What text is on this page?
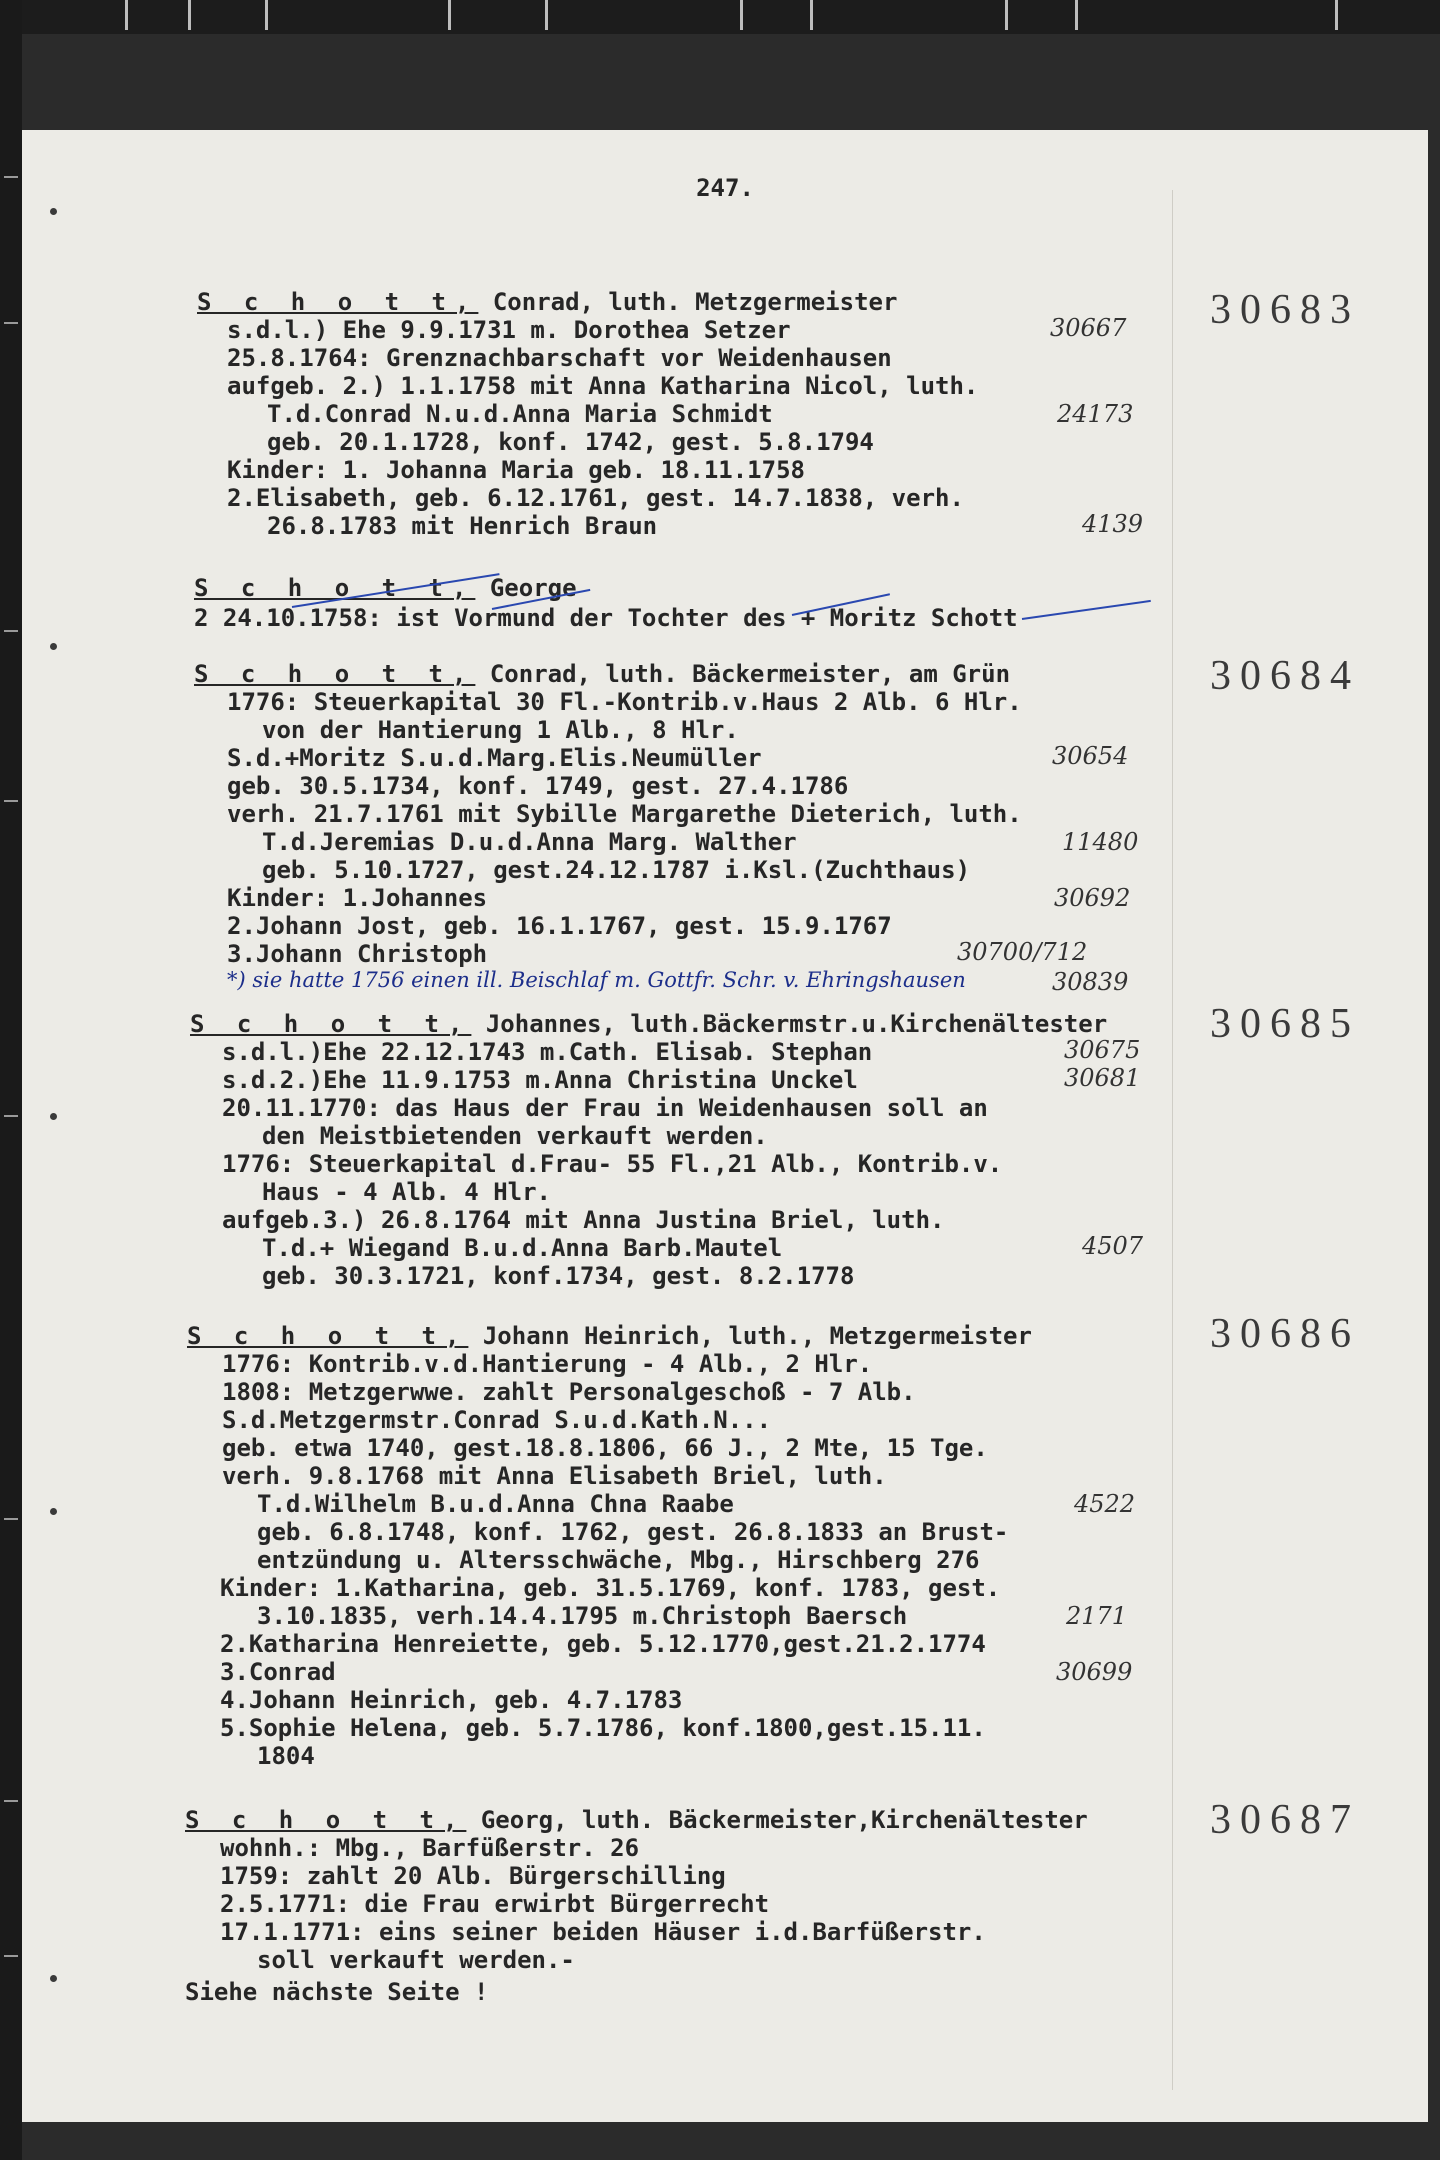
247.
S c h o t t, Conrad, luth. Metzgermeister
s.d.l.) Ehe 9.9.1731 m. Dorothea Setzer
25.8.1764: Grenznachbarschaft vor Weidenhausen
aufgeb. 2.) 1.1.1758 mit Anna Katharina Nicol, luth.
T.d.Conrad N.u.d.Anna Maria Schmidt
geb. 20.1.1728, konf. 1742, gest. 5.8.1794
Kinder: 1. Johanna Maria geb. 18.11.1758
2.Elisabeth, geb. 6.12.1761, gest. 14.7.1838, verh.
26.8.1783 mit Henrich Braun
30667
24173
4139
30683
S c h o t t, George
2 24.10.1758: ist Vormund der Tochter des + Moritz Schott
S c h o t t, Conrad, luth. Bäckermeister, am Grün
1776: Steuerkapital 30 Fl.-Kontrib.v.Haus 2 Alb. 6 Hlr.
von der Hantierung 1 Alb., 8 Hlr.
S.d.+Moritz S.u.d.Marg.Elis.Neumüller
geb. 30.5.1734, konf. 1749, gest. 27.4.1786
verh. 21.7.1761 mit Sybille Margarethe Dieterich, luth.
T.d.Jeremias D.u.d.Anna Marg. Walther
geb. 5.10.1727, gest.24.12.1787 i.Ksl.(Zuchthaus)
Kinder: 1.Johannes
2.Johann Jost, geb. 16.1.1767, gest. 15.9.1767
3.Johann Christoph
*) sie hatte 1756 einen ill. Beischlaf m. Gottfr. Schr. v. Ehringshausen
30654
11480
30692
30700/712
30839
30684
S c h o t t, Johannes, luth.Bäckermstr.u.Kirchenältester
s.d.l.)Ehe 22.12.1743 m.Cath. Elisab. Stephan
s.d.2.)Ehe 11.9.1753 m.Anna Christina Unckel
20.11.1770: das Haus der Frau in Weidenhausen soll an
den Meistbietenden verkauft werden.
1776: Steuerkapital d.Frau- 55 Fl.,21 Alb., Kontrib.v.
Haus - 4 Alb. 4 Hlr.
aufgeb.3.) 26.8.1764 mit Anna Justina Briel, luth.
T.d.+ Wiegand B.u.d.Anna Barb.Mautel
geb. 30.3.1721, konf.1734, gest. 8.2.1778
30675
30681
4507
30685
S c h o t t, Johann Heinrich, luth., Metzgermeister
1776: Kontrib.v.d.Hantierung - 4 Alb., 2 Hlr.
1808: Metzgerwwe. zahlt Personalgeschoß - 7 Alb.
S.d.Metzgermstr.Conrad S.u.d.Kath.N...
geb. etwa 1740, gest.18.8.1806, 66 J., 2 Mte, 15 Tge.
verh. 9.8.1768 mit Anna Elisabeth Briel, luth.
T.d.Wilhelm B.u.d.Anna Chna Raabe
geb. 6.8.1748, konf. 1762, gest. 26.8.1833 an Brust-
entzündung u. Altersschwäche, Mbg., Hirschberg 276
Kinder: 1.Katharina, geb. 31.5.1769, konf. 1783, gest.
3.10.1835, verh.14.4.1795 m.Christoph Baersch
2.Katharina Henreiette, geb. 5.12.1770,gest.21.2.1774
3.Conrad
4.Johann Heinrich, geb. 4.7.1783
5.Sophie Helena, geb. 5.7.1786, konf.1800,gest.15.11.
1804
4522
2171
30699
30686
S c h o t t, Georg, luth. Bäckermeister,Kirchenältester
wohnh.: Mbg., Barfüßerstr. 26
1759: zahlt 20 Alb. Bürgerschilling
2.5.1771: die Frau erwirbt Bürgerrecht
17.1.1771: eins seiner beiden Häuser i.d.Barfüßerstr.
soll verkauft werden.-
30687
Siehe nächste Seite !
